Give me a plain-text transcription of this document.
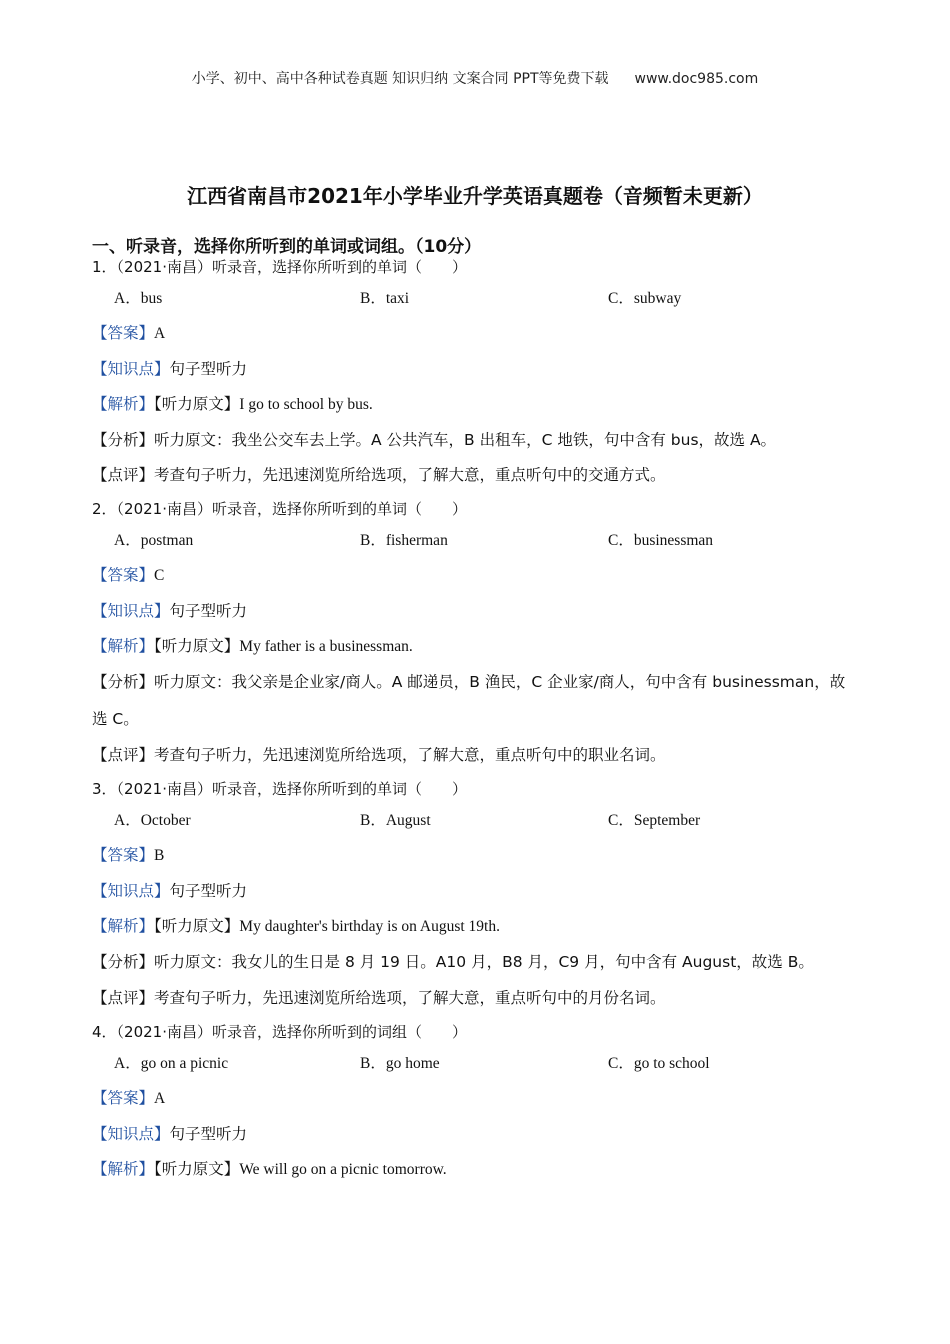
小学、初中、高中各种试卷真题 知识归纳 文案合同 PPT等免费下载 www.doc985.com
江西省南昌市2021年小学毕业升学英语真题卷（音频暂未更新）
一、听录音，选择你所听到的单词或词组。（10分）
1．（2021·南昌）听录音，选择你所听到的单词（　　）
A．bus	B．taxi	C．subway
【答案】A
【知识点】句子型听力
【解析】【听力原文】I go to school by bus.
【分析】听力原文：我坐公交车去上学。A 公共汽车，B 出租车，C 地铁，句中含有 bus，故选 A。
【点评】考查句子听力，先迅速浏览所给选项，了解大意，重点听句中的交通方式。
2．（2021·南昌）听录音，选择你所听到的单词（　　）
A．postman	B．fisherman	C．businessman
【答案】C
【知识点】句子型听力
【解析】【听力原文】My father is a businessman.
【分析】听力原文：我父亲是企业家/商人。A 邮递员，B 渔民，C 企业家/商人，句中含有 businessman，故选 C。
【点评】考查句子听力，先迅速浏览所给选项，了解大意，重点听句中的职业名词。
3．（2021·南昌）听录音，选择你所听到的单词（　　）
A．October	B．August	C．September
【答案】B
【知识点】句子型听力
【解析】【听力原文】My daughter's birthday is on August 19th.
【分析】听力原文：我女儿的生日是 8 月 19 日。A10 月，B8 月，C9 月，句中含有 August，故选 B。
【点评】考查句子听力，先迅速浏览所给选项，了解大意，重点听句中的月份名词。
4．（2021·南昌）听录音，选择你所听到的词组（　　）
A．go on a picnic	B．go home	C．go to school
【答案】A
【知识点】句子型听力
【解析】【听力原文】We will go on a picnic tomorrow.
